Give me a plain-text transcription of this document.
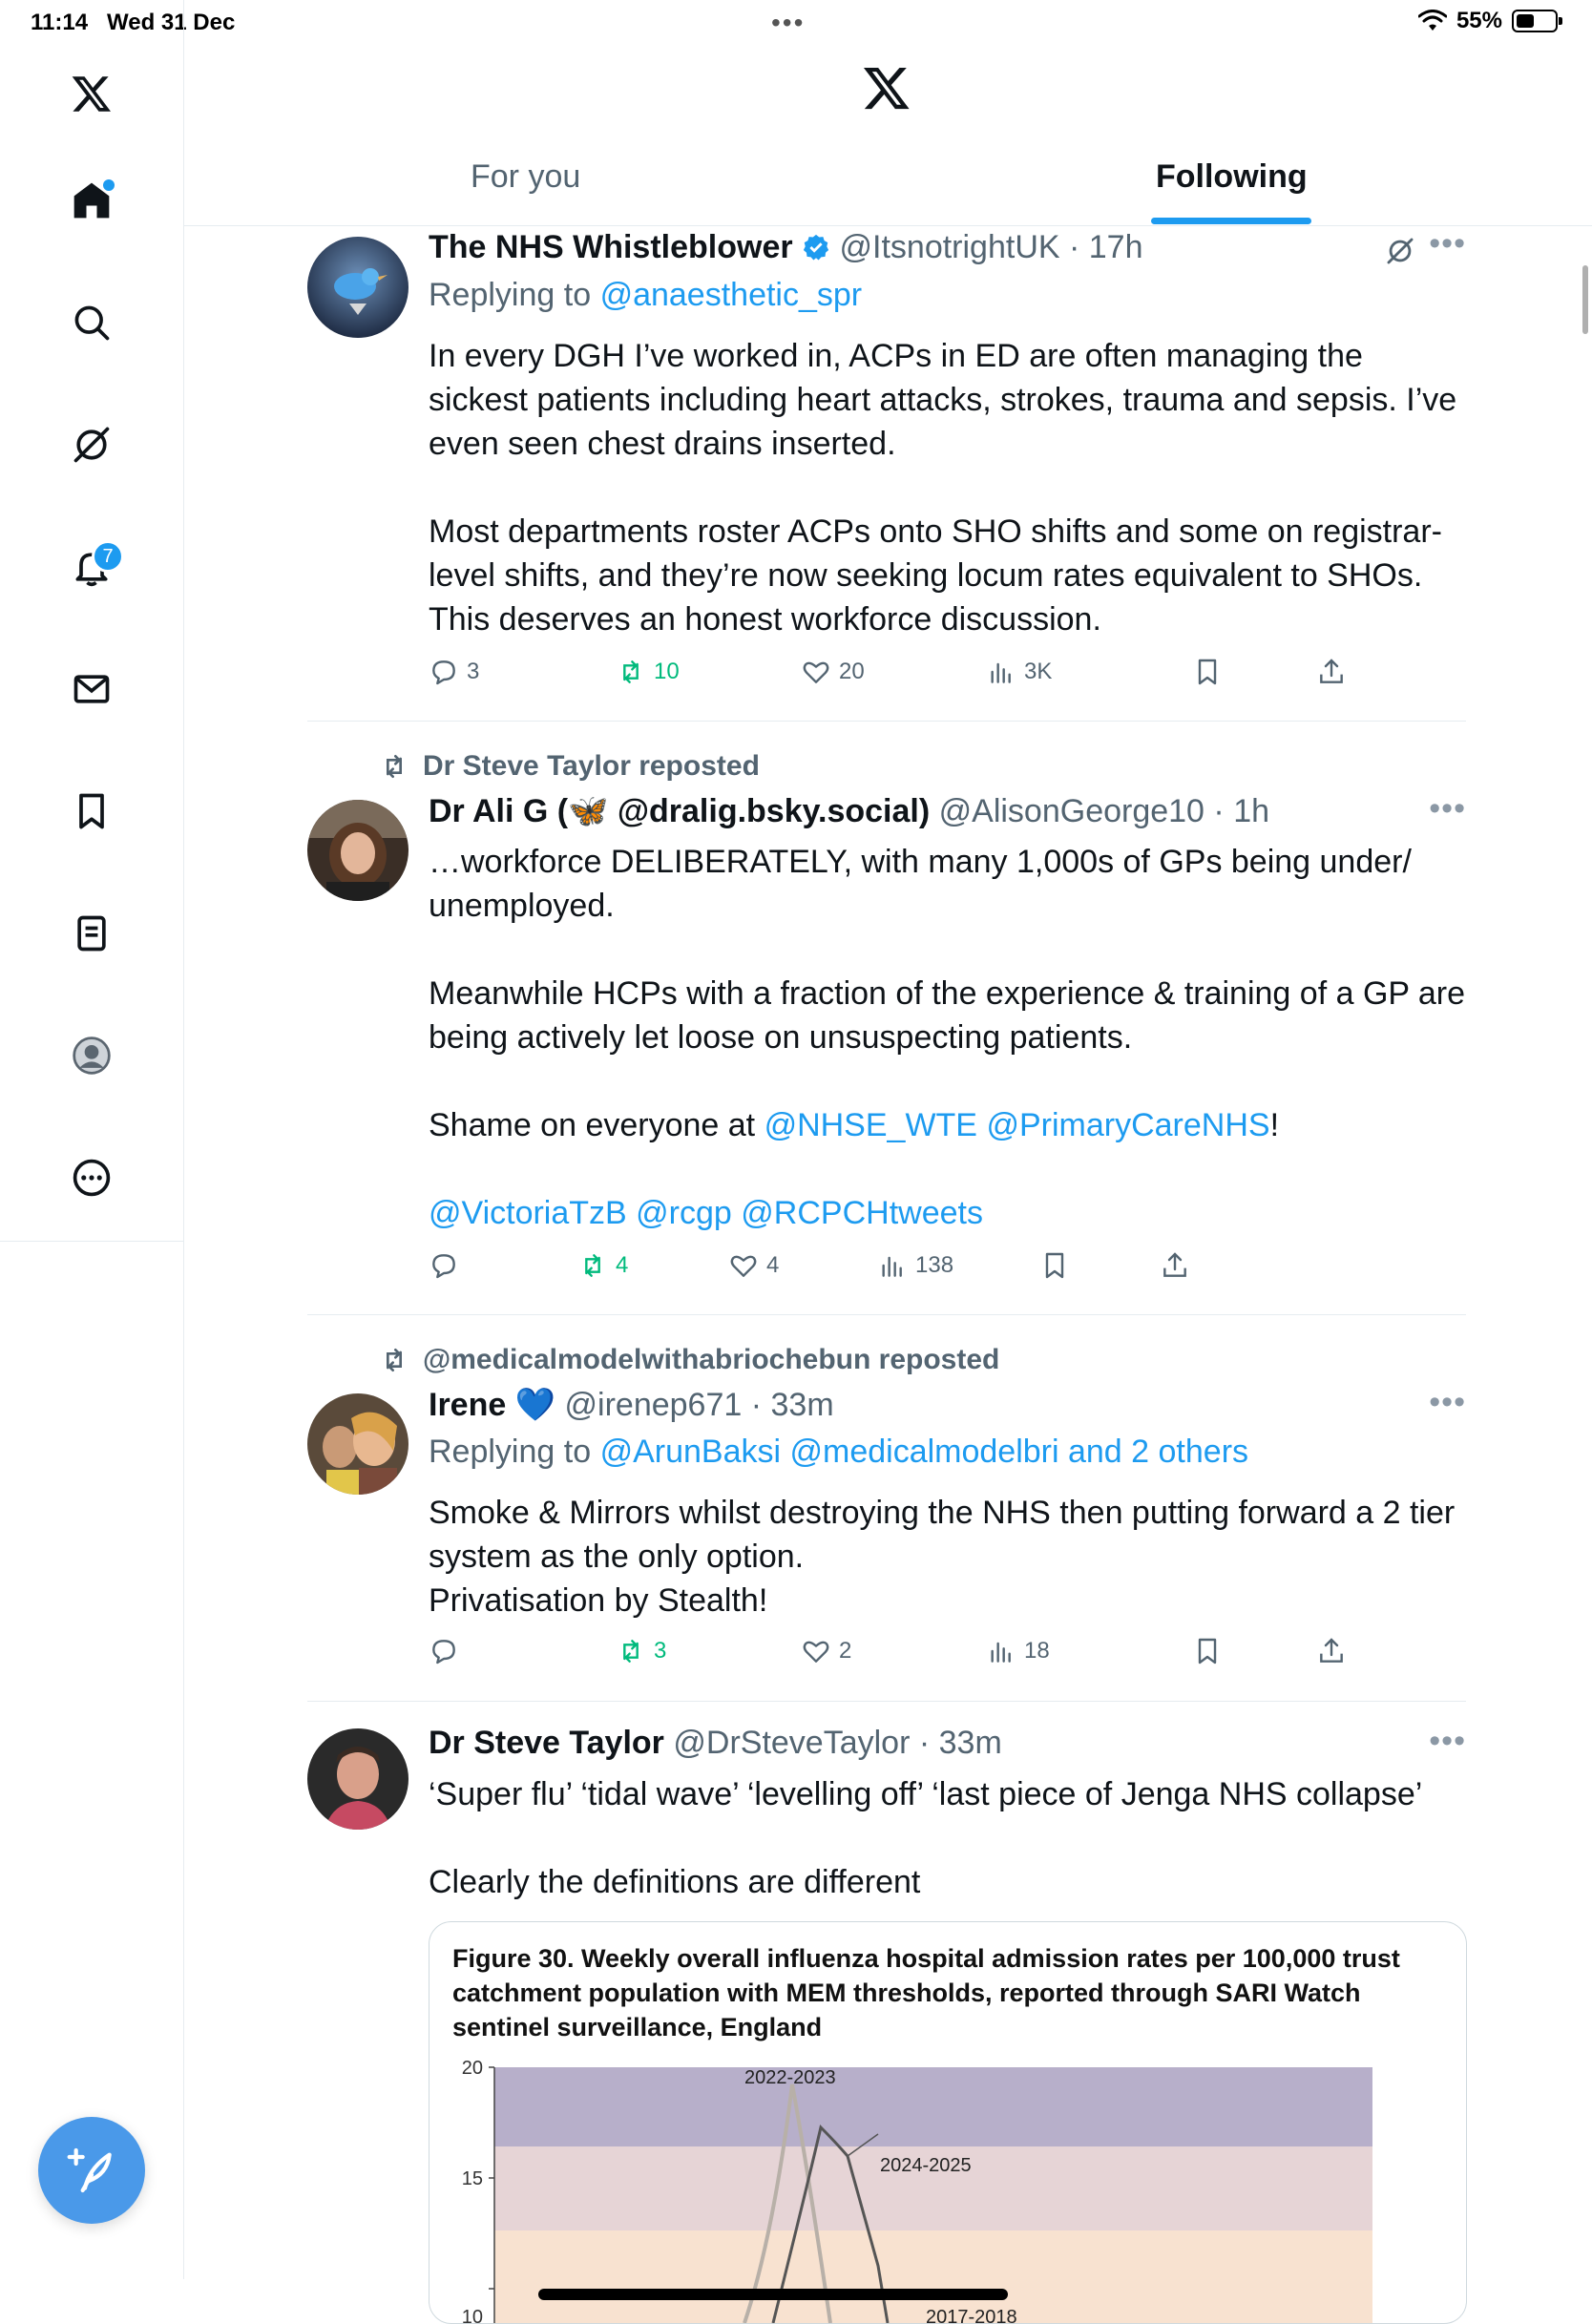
11:14 Wed 31 Dec	•••	55%
7
For you	Following
The NHS Whistleblower @ItsnotrightUK · 17h	•••
Replying to @anaesthetic_spr

In every DGH I’ve worked in, ACPs in ED are often managing the sickest patients including heart attacks, strokes, trauma and sepsis. I’ve even seen chest drains inserted.

Most departments roster ACPs onto SHO shifts and some on registrar-level shifts, and they’re now seeking locum rates equivalent to SHOs. This deserves an honest workforce discussion.

3	10	20	3K
Dr Steve Taylor reposted
Dr Ali G (🦋 @dralig.bsky.social) @AlisonGeorge10 · 1h	•••

…workforce DELIBERATELY, with many 1,000s of GPs being under/ unemployed.

Meanwhile HCPs with a fraction of the experience & training of a GP are being actively let loose on unsuspecting patients.

Shame on everyone at @NHSE_WTE @PrimaryCareNHS!

@VictoriaTzB @rcgp @RCPCHtweets

4	4	138
@medicalmodelwithabriochebun reposted
Irene 💙 @irenep671 · 33m	•••
Replying to @ArunBaksi @medicalmodelbri and 2 others

Smoke & Mirrors whilst destroying the NHS then putting forward a 2 tier system as the only option.

Privatisation by Stealth!

3	2	18
Dr Steve Taylor @DrSteveTaylor · 33m	•••

‘Super flu’ ‘tidal wave’ ‘levelling off’ ‘last piece of Jenga NHS collapse’

Clearly the definitions are different

Figure 30. Weekly overall influenza hospital admission rates per 100,000 trust catchment population with MEM thresholds, reported through SARI Watch sentinel surveillance, England
20
15
10
2022-2023
2024-2025
2017-2018
